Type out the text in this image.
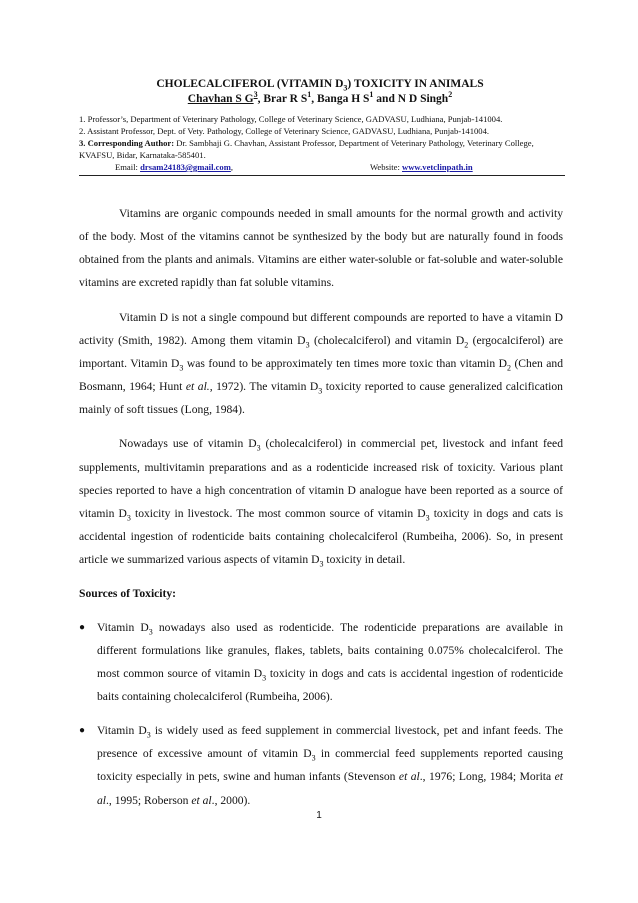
CHOLECALCIFEROL (VITAMIN $D_3$) TOXICITY IN ANIMALS
Chavhan S $G^3$, Brar R $S^1$, Banga H $S^1$ and N D Singh$^2$

1. Professor’s, Department of Veterinary Pathology, College of Veterinary Science, GADVASU, Ludhiana, Punjab-141004.

2. Assistant Professor, Dept. of Vety. Pathology, College of Veterinary Science, GADVASU, Ludhiana, Punjab-141004.

3. Corresponding Author: Dr. Sambhaji G. Chavhan, Assistant Professor, Department of Veterinary Pathology, Veterinary College, KVAFSU, Bidar, Karnataka-585401.

Email: drsam24183@gmail.com,	Website: www.vetclinpath.in

Vitamins are organic compounds needed in small amounts for the normal growth and activity of the body. Most of the vitamins cannot be synthesized by the body but are naturally found in foods obtained from the plants and animals. Vitamins are either water-soluble or fat-soluble and water-soluble vitamins are excreted rapidly than fat soluble vitamins.

Vitamin D is not a single compound but different compounds are reported to have a vitamin D activity (Smith, 1982). Among them vitamin $D_3$ (cholecalciferol) and vitamin $D_2$ (ergocalciferol) are important. Vitamin $D_3$ was found to be approximately ten times more toxic than vitamin $D_2$ (Chen and Bosmann, 1964; Hunt et al., 1972). The vitamin $D_3$ toxicity reported to cause generalized calcification mainly of soft tissues (Long, 1984).

Nowadays use of vitamin $D_3$ (cholecalciferol) in commercial pet, livestock and infant feed supplements, multivitamin preparations and as a rodenticide increased risk of toxicity. Various plant species reported to have a high concentration of vitamin D analogue have been reported as a source of vitamin $D_3$ toxicity in livestock. The most common source of vitamin $D_3$ toxicity in dogs and cats is accidental ingestion of rodenticide baits containing cholecalciferol (Rumbeiha, 2006). So, in present article we summarized various aspects of vitamin $D_3$ toxicity in detail.

Sources of Toxicity:
● Vitamin $D_3$ nowadays also used as rodenticide. The rodenticide preparations are available in different formulations like granules, flakes, tablets, baits containing 0.075% cholecalciferol. The most common source of vitamin $D_3$ toxicity in dogs and cats is accidental ingestion of rodenticide baits containing cholecalciferol (Rumbeiha, 2006).
● Vitamin $D_3$ is widely used as feed supplement in commercial livestock, pet and infant feeds. The presence of excessive amount of vitamin $D_3$ in commercial feed supplements reported causing toxicity especially in pets, swine and human infants (Stevenson et al., 1976; Long, 1984; Morita et al., 1995; Roberson et al., 2000).
1
